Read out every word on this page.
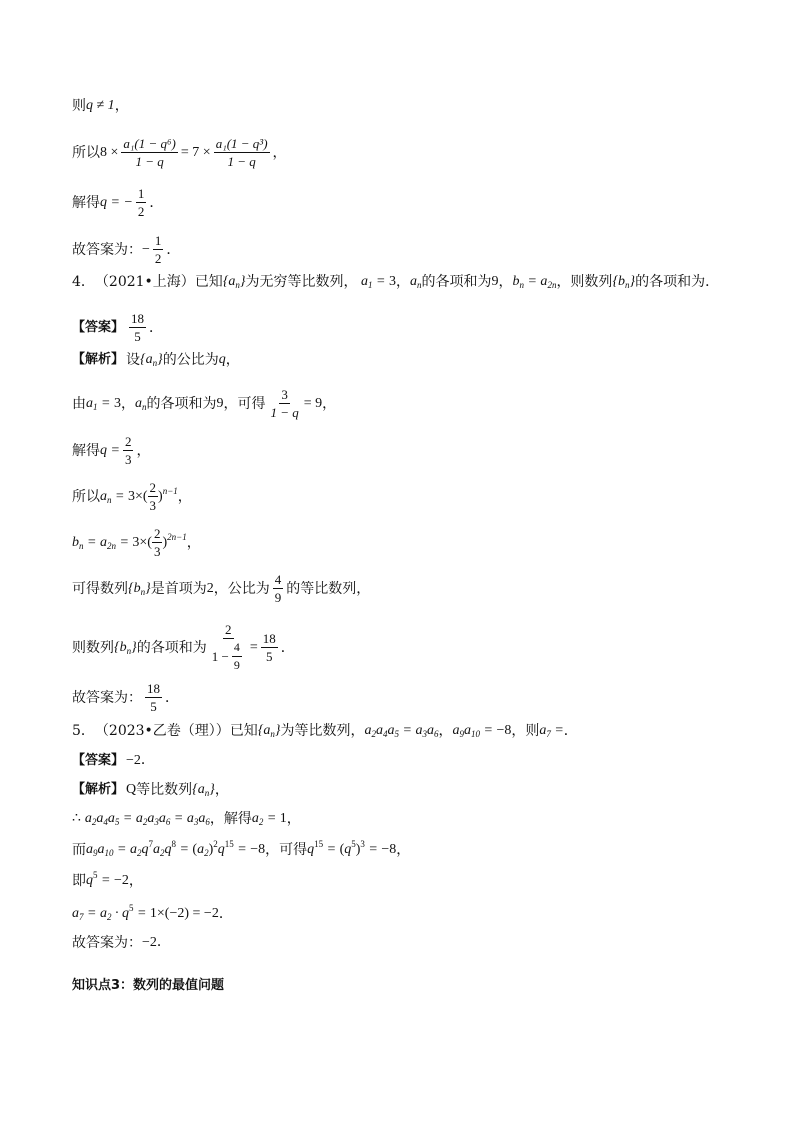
则 q ≠ 1 ，
所以 $8 \times \frac{\text{a₁(1 − q⁶)}}{1 - q} = 7 \times \frac{\text{a₁(1 − q³)}}{1 - q}$ ，
解得 q = − $\frac{1}{2}$ ．
故答案为： − $\frac{1}{2}$ ．
4． （2021•上海） 已知 $\{a_n\}$ 为无穷等比数列， $a_1 = 3$ ， $a_n$ 的各项和为 9 ， $b_n = a_{2n}$ ，则数列 $\{b_n\}$ 的各项和为 ．
【答案】 $\frac{18}{5}$ ．
【解析】 设 $\{a_n\}$ 的公比为 q ，
由 $a_1 = 3$ ， $a_n$ 的各项和为 9 ，可得 $\frac{3}{1 - q} = 9$ ，
解得 $q = \frac{2}{3}$ ，
所以 $a_n = 3\times( \frac{2}{3} )^{n-1}$ ，
$b_n = a_{2n} = 3\times( \frac{2}{3} )^{2n-1}$ ，
可得数列 $\{b_n\}$ 是首项为 2 ，公比为 $\frac{4}{9}$ 的等比数列，
则数列 $\{b_n\}$ 的各项和为 $\frac{2}{1 - \frac{4}{9}} = \frac{18}{5}$ ．
故答案为： $\frac{18}{5}$ ．
5． （2023•乙卷（理）） 已知 $\{a_n\}$ 为等比数列， $a_2a_4a_5 = a_3a_6$ ， $a_9a_{10} = -8$ ，则 $a_7$ = ．
【答案】 −2．
【解析】 Q 等比数列 $\{a_n\}$ ，
∴ $a_2a_4a_5 = a_2a_3a_6 = a_3a_6$ ，解得 $a_2 = 1$ ，
而 $a_9a_{10} = a_2q^7a_2q^8 = (a_2)^2q^{15} = -8$ ，可得 $q^{15} = (q^5)^3 = -8$ ，
即 $q^5 = -2$ ，
$a_7 = a_2 \cdot q^5 = 1\times(-2) = -2$ ．
故答案为： −2．
知识点3：数列的最值问题
